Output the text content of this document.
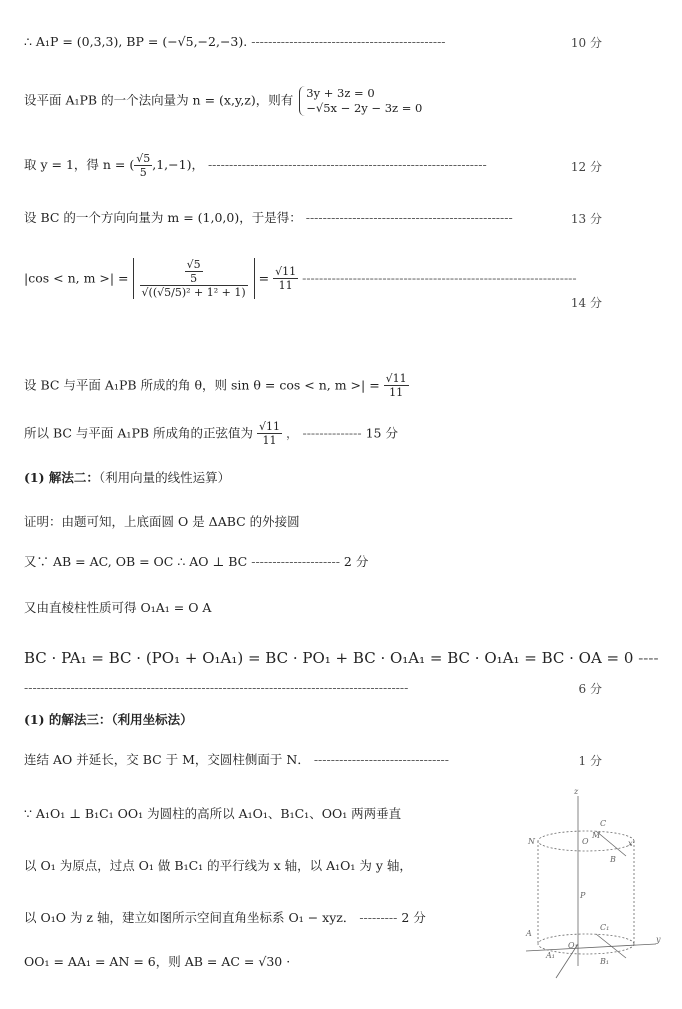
∴ A₁P = (0,3,3), BP = (−√5,−2,−3). ----------------------------------------------	10 分
设平面 A₁PB 的一个法向量为 n = (x,y,z)，则有 3y + 3z = 0
−√5x − 2y − 3z = 0
取 y = 1，得 n = ( $\frac{√5}{5} ,1,-1$)， ------------------------------------------------------------------	12 分
设 BC 的一个方向向量为 m = (1,0,0)，于是得： -------------------------------------------------	13 分
|cos < n, m >| = $\frac{\frac{√5}{5}}{\text{√((√5/5)² + 1² + 1)}} = \frac{√11}{11}$ -----------------------------------------------------------------
14 分
设 BC 与平面 A₁PB 所成的角 θ，则 sin θ = cos < n, m >| = $\frac{√11}{11}$
所以 BC 与平面 A₁PB 所成角的正弦值为 $\frac{√11}{11}$ ， -------------- 15 分
(1) 解法二：（利用向量的线性运算）
证明：由题可知，上底面圆 O 是 ΔABC 的外接圆
又∵ AB = AC, OB = OC ∴ AO ⊥ BC --------------------- 2 分
又由直棱柱性质可得 O₁A₁ = O A
BC · PA₁ = BC · (PO₁ + O₁A₁) = BC · PO₁ + BC · O₁A₁ = BC · O₁A₁ = BC · OA = 0 ----
-------------------------------------------------------------------------------------------	6 分
(1) 的解法三：（利用坐标法）
连结 AO 并延长，交 BC 于 M，交圆柱侧面于 N． --------------------------------	1 分
∵ A₁O₁ ⊥ B₁C₁ OO₁ 为圆柱的高所以 A₁O₁、B₁C₁、OO₁ 两两垂直
以 O₁ 为原点，过点 O₁ 做 B₁C₁ 的平行线为 x 轴，以 A₁O₁ 为 y 轴，
以 O₁O 为 z 轴，建立如图所示空间直角坐标系 O₁ − xyz． --------- 2 分
OO₁ = AA₁ = AN = 6，则 AB = AC = √30 ·
z
C
O
M
N	x
B
P
A
O₁
C₁
y
B₁
A₁
